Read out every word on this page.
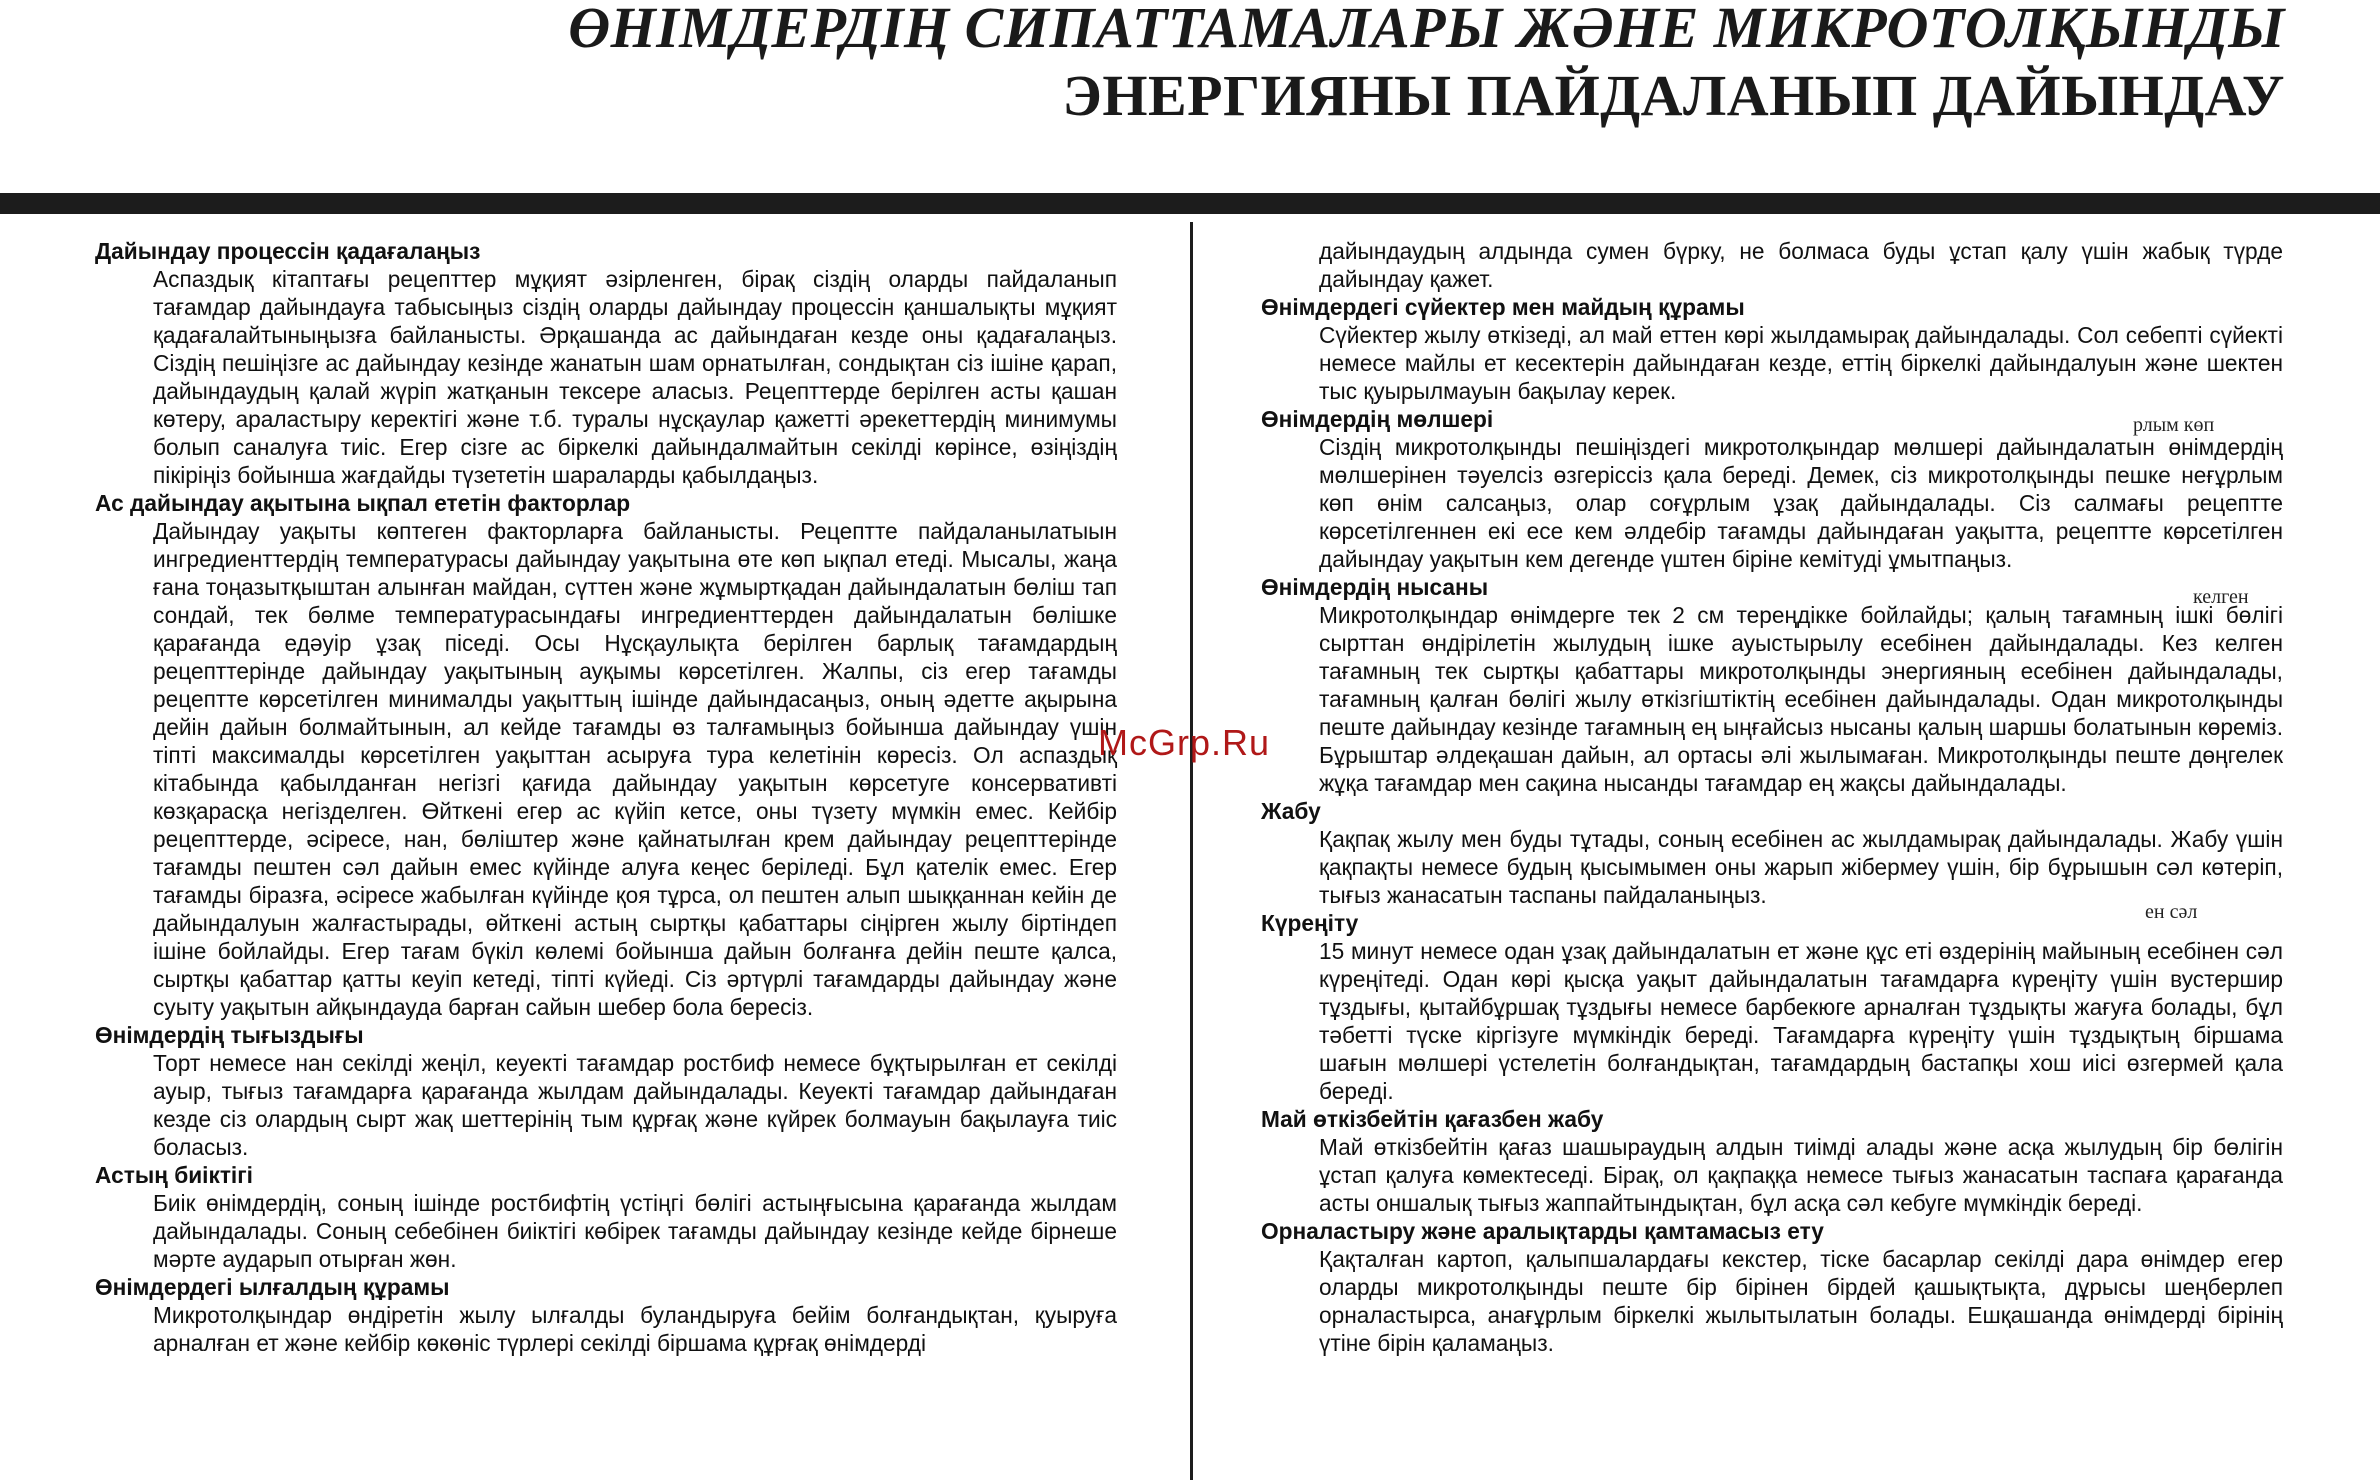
ӨНІМДЕРДІҢ СИПАТТАМАЛАРЫ ЖӘНЕ МИКРОТОЛҚЫНДЫ
ЭНЕРГИЯНЫ ПАЙДАЛАНЫП ДАЙЫНДАУ

Дайындау процессін қадағалаңыз

Аспаздық кітаптағы рецепттер мұқият әзірленген, бірақ сіздің оларды пайдаланып тағамдар дайындауға табысыңыз сіздің оларды дайындау процессін қаншалықты мұқият қадағалайтыныңызға байланысты. Әрқашанда ас дайындаған кезде оны қадағалаңыз. Сіздің пешіңізге ас дайындау кезінде жанатын шам орнатылған, сондықтан сіз ішіне қарап, дайындаудың қалай жүріп жатқанын тексере аласыз. Рецепттерде берілген асты қашан көтеру, араластыру керектігі және т.б. туралы нұсқаулар қажетті әрекеттердің минимумы болып саналуға тиіс. Егер сізге ас біркелкі дайындалмайтын секілді көрінсе, өзіңіздің пікіріңіз бойынша жағдайды түзететін шараларды қабылдаңыз.

Ас дайындау ақытына ықпал ететін факторлар

Дайындау уақыты көптеген факторларға байланысты. Рецептте пайдаланылатыын ингредиенттердің температурасы дайындау уақытына өте көп ықпал етеді. Мысалы, жаңа ғана тоңазытқыштан алынған майдан, сүттен және жұмыртқадан дайындалатын бөліш тап сондай, тек бөлме температурасындағы ингредиенттерден дайындалатын бөлішке қарағанда едәуір ұзақ піседі. Осы Нұсқаулықта берілген барлық тағамдардың рецепттерінде дайындау уақытының ауқымы көрсетілген. Жалпы, сіз егер тағамды рецептте көрсетілген минималды уақыттың ішінде дайындасаңыз, оның әдетте ақырына дейін дайын болмайтынын, ал кейде тағамды өз талғамыңыз бойынша дайындау үшін тіпті максималды көрсетілген уақыттан асыруға тура келетінін көресіз. Ол аспаздық кітабында қабылданған негізгі қағида дайындау уақытын көрсетуге консервативті көзқарасқа негізделген. Өйткені егер ас күйіп кетсе, оны түзету мүмкін емес. Кейбір рецепттерде, әсіресе, нан, бөліштер және қайнатылған крем дайындау рецепттерінде тағамды пештен сәл дайын емес күйінде алуға кеңес беріледі. Бұл қателік емес. Егер тағамды біразға, әсіресе жабылған күйінде қоя тұрса, ол пештен алып шыққаннан кейін де дайындалуын жалғастырады, өйткені астың сыртқы қабаттары сіңірген жылу біртіндеп ішіне бойлайды. Егер тағам бүкіл көлемі бойынша дайын болғанға дейін пеште қалса, сыртқы қабаттар қатты кеуіп кетеді, тіпті күйеді. Сіз әртүрлі тағамдарды дайындау және суыту уақытын айқындауда барған сайын шебер бола бересіз.

Өнімдердің тығыздығы

Торт немесе нан секілді жеңіл, кеуекті тағамдар ростбиф немесе бұқтырылған ет секілді ауыр, тығыз тағамдарға қарағанда жылдам дайындалады. Кеуекті тағамдар дайындаған кезде сіз олардың сырт жақ шеттерінің тым құрғақ және күйрек болмауын бақылауға тиіс боласыз.

Астың биіктігі

Биік өнімдердің, соның ішінде ростбифтің үстіңгі бөлігі астыңғысына қарағанда жылдам дайындалады. Соның себебінен биіктігі көбірек тағамды дайындау кезінде кейде бірнеше мәрте аударып отырған жөн.

Өнімдердегі ылғалдың құрамы

Микротолқындар өндіретін жылу ылғалды буландыруға бейім болғандықтан, қуыруға арналған ет және кейбір көкөніс түрлері секілді біршама құрғақ өнімдерді

дайындаудың алдында сумен бүрку, не болмаса буды ұстап қалу үшін жабық түрде дайындау қажет.

Өнімдердегі сүйектер мен майдың құрамы

Сүйектер жылу өткізеді, ал май еттен көрі жылдамырақ дайындалады. Сол себепті сүйекті немесе майлы ет кесектерін дайындаған кезде, еттің біркелкі дайындалуын және шектен тыс қуырылмауын бақылау керек.

Өнімдердің мөлшері

Сіздің микротолқынды пешіңіздегі микротолқындар мөлшері дайындалатын өнімдердің мөлшерінен тәуелсіз өзгеріссіз қала береді. Демек, сіз микротолқынды пешке неғұрлым көп өнім салсаңыз, олар соғұрлым ұзақ дайындалады. Сіз салмағы рецептте көрсетілгеннен екі есе кем әлдебір тағамды дайындаған уақытта, рецептте көрсетілген дайындау уақытын кем дегенде үштен біріне кемітуді ұмытпаңыз.

Өнімдердің нысаны

Микротолқындар өнімдерге тек 2 см тереңдікке бойлайды; қалың тағамның ішкі бөлігі сырттан өндірілетін жылудың ішке ауыстырылу есебінен дайындалады. Кез келген тағамның тек сыртқы қабаттары микротолқынды энергияның есебінен дайындалады, тағамның қалған бөлігі жылу өткізгіштіктің есебінен дайындалады. Одан микротолқынды пеште дайындау кезінде тағамның ең ыңғайсыз нысаны қалың шаршы болатынын көреміз. Бұрыштар әлдеқашан дайын, ал ортасы әлі жылымаған. Микротолқынды пеште дөңгелек жұқа тағамдар мен сақина нысанды тағамдар ең жақсы дайындалады.

Жабу

Қақпақ жылу мен буды тұтады, соның есебінен ас жылдамырақ дайындалады. Жабу үшін қақпақты немесе будың қысымымен оны жарып жібермеу үшін, бір бұрышын сәл көтеріп, тығыз жанасатын таспаны пайдаланыңыз.

Күреңіту

15 минут немесе одан ұзақ дайындалатын ет және құс еті өздерінің майының есебінен сәл күреңітеді. Одан көрі қысқа уақыт дайындалатын тағамдарға күреңіту үшін вустершир тұздығы, қытайбұршақ тұздығы немесе барбекюге арналған тұздықты жағуға болады, бұл тәбетті түске кіргізуге мүмкіндік береді. Тағамдарға күреңіту үшін тұздықтың біршама шағын мөлшері үстелетін болғандықтан, тағамдардың бастапқы хош иісі өзгермей қала береді.

Май өткізбейтін қағазбен жабу

Май өткізбейтін қағаз шашыраудың алдын тиімді алады және асқа жылудың бір бөлігін ұстап қалуға көмектеседі. Бірақ, ол қақпаққа немесе тығыз жанасатын таспаға қарағанда асты оншалық тығыз жаппайтындықтан, бұл асқа сәл кебуге мүмкіндік береді.

Орналастыру және аралықтарды қамтамасыз ету

Қақталған картоп, қалыпшалардағы кекстер, тіске басарлар секілді дара өнімдер егер оларды микротолқынды пеште бір бірінен бірдей қашықтықта, дұрысы шеңберлеп орналастырса, анағұрлым біркелкі жылытылатын болады. Ешқашанда өнімдерді бірінің үтіне бірін қаламаңыз.

McGrp.Ru
рлым көп
келген
ен сәл
